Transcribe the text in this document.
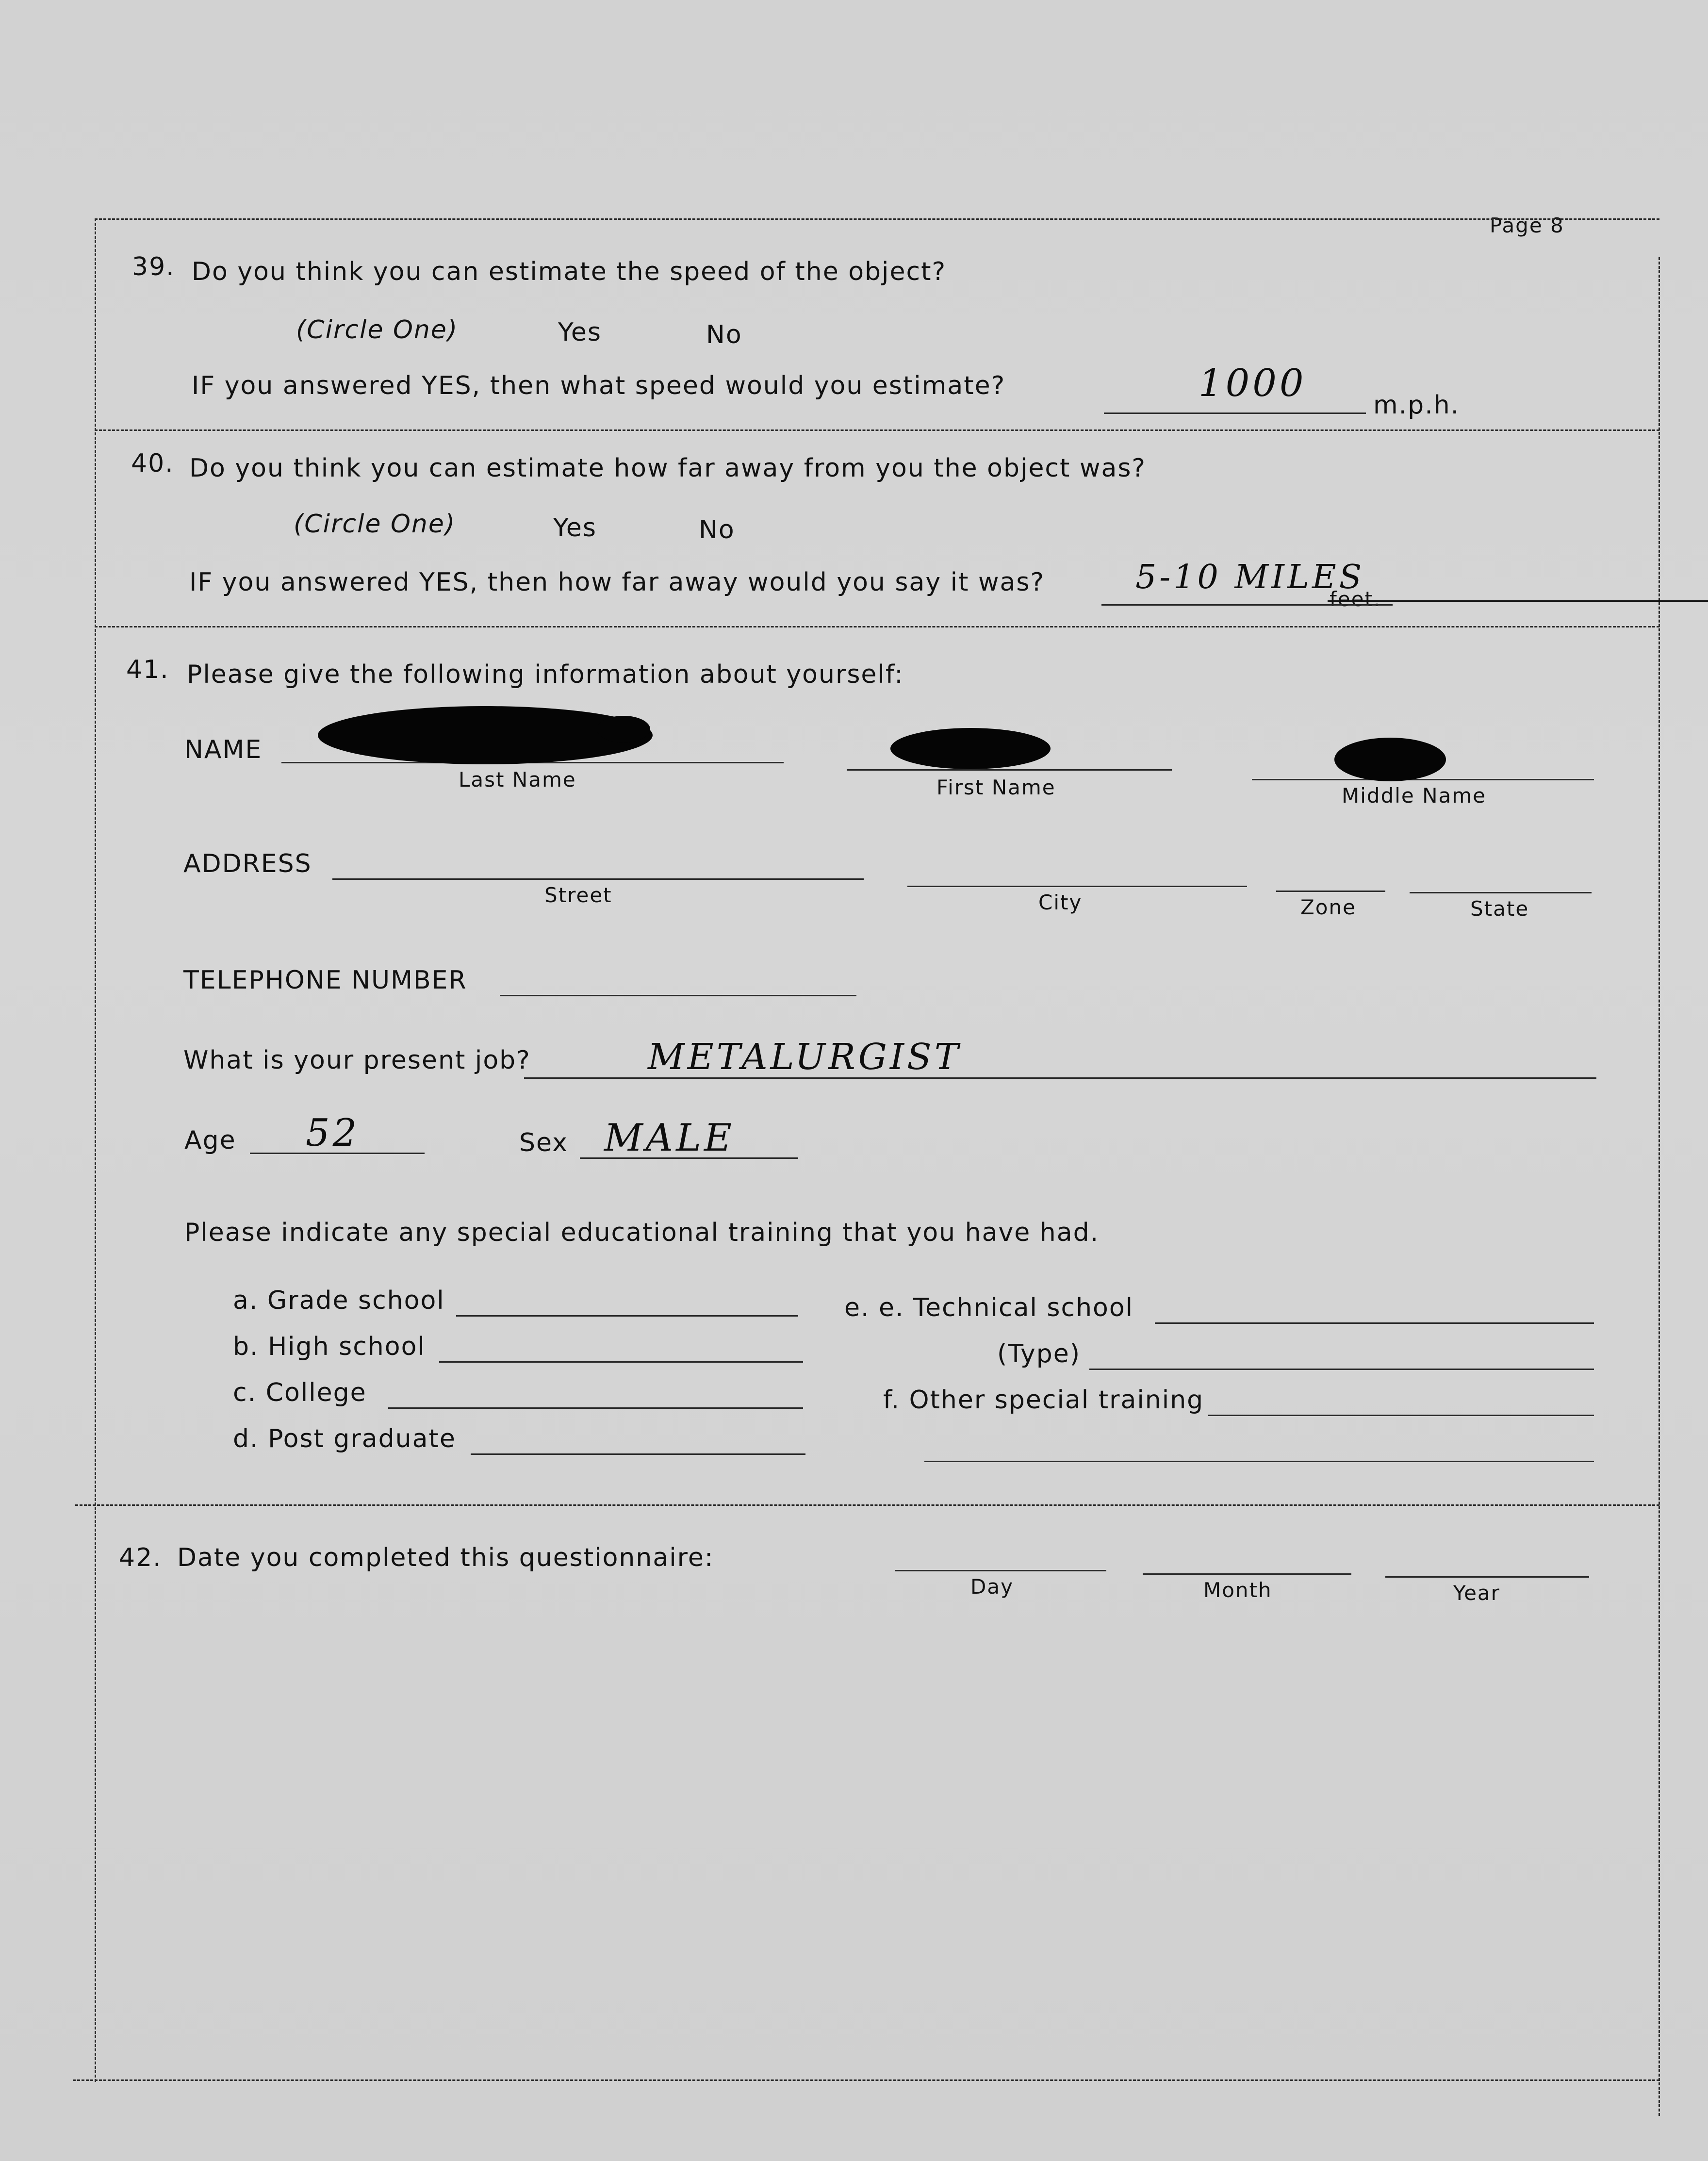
Page 8
39. Do you think you can estimate the speed of the object?
(Circle One)	Yes	No
IF you answered YES, then what speed would you estimate?	1000	m.p.h.
40. Do you think you can estimate how far away from you the object was?
(Circle One)	Yes	No
IF you answered YES, then how far away would you say it was?	5-10 MILES
feet.
41. Please give the following information about yourself:
NAME
Last Name	First Name	Middle Name
ADDRESS
Street	City	Zone	State
TELEPHONE NUMBER
What is your present job?	METALURGIST
Age 52	Sex MALE
Please indicate any special educational training that you have had.
a. Grade school
b. High school
c. College
d. Post graduate
e. e. Technical school
(Type)
f. Other special training
42. Date you completed this questionnaire:
Day	Month	Year
